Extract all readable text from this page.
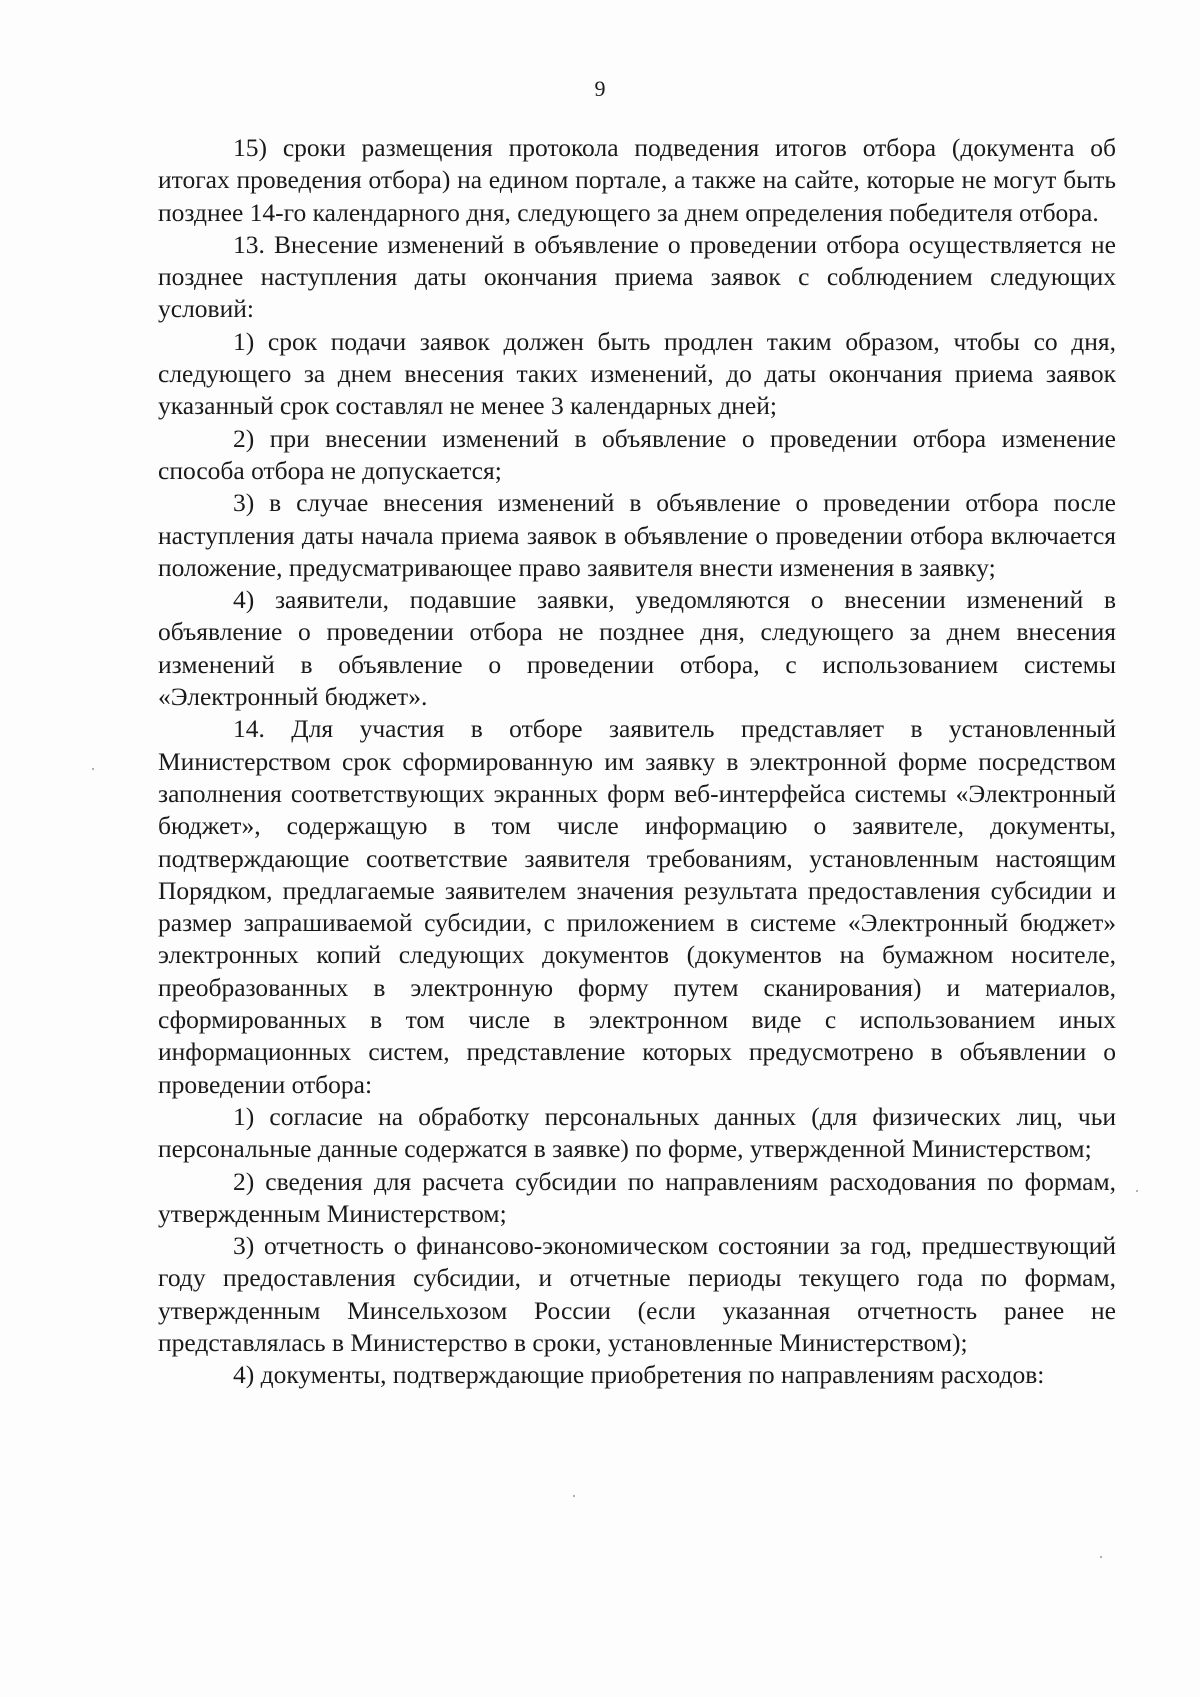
9

15) сроки размещения протокола подведения итогов отбора (документа об итогах проведения отбора) на едином портале, а также на сайте, которые не могут быть позднее 14-го календарного дня, следующего за днем определения победителя отбора.

13. Внесение изменений в объявление о проведении отбора осуществляется не позднее наступления даты окончания приема заявок с соблюдением следующих условий:

1) срок подачи заявок должен быть продлен таким образом, чтобы со дня, следующего за днем внесения таких изменений, до даты окончания приема заявок указанный срок составлял не менее 3 календарных дней;

2) при внесении изменений в объявление о проведении отбора изменение способа отбора не допускается;

3) в случае внесения изменений в объявление о проведении отбора после наступления даты начала приема заявок в объявление о проведении отбора включается положение, предусматривающее право заявителя внести изменения в заявку;

4) заявители, подавшие заявки, уведомляются о внесении изменений в объявление о проведении отбора не позднее дня, следующего за днем внесения изменений в объявление о проведении отбора, с использованием системы «Электронный бюджет».

14. Для участия в отборе заявитель представляет в установленный Министерством срок сформированную им заявку в электронной форме посредством заполнения соответствующих экранных форм веб-интерфейса системы «Электронный бюджет», содержащую в том числе информацию о заявителе, документы, подтверждающие соответствие заявителя требованиям, установленным настоящим Порядком, предлагаемые заявителем значения результата предоставления субсидии и размер запрашиваемой субсидии, с приложением в системе «Электронный бюджет» электронных копий следующих документов (документов на бумажном носителе, преобразованных в электронную форму путем сканирования) и материалов, сформированных в том числе в электронном виде с использованием иных информационных систем, представление которых предусмотрено в объявлении о проведении отбора:

1) согласие на обработку персональных данных (для физических лиц, чьи персональные данные содержатся в заявке) по форме, утвержденной Министерством;

2) сведения для расчета субсидии по направлениям расходования по формам, утвержденным Министерством;

3) отчетность о финансово-экономическом состоянии за год, предшествующий году предоставления субсидии, и отчетные периоды текущего года по формам, утвержденным Минсельхозом России (если указанная отчетность ранее не представлялась в Министерство в сроки, установленные Министерством);

4) документы, подтверждающие приобретения по направлениям расходов:
